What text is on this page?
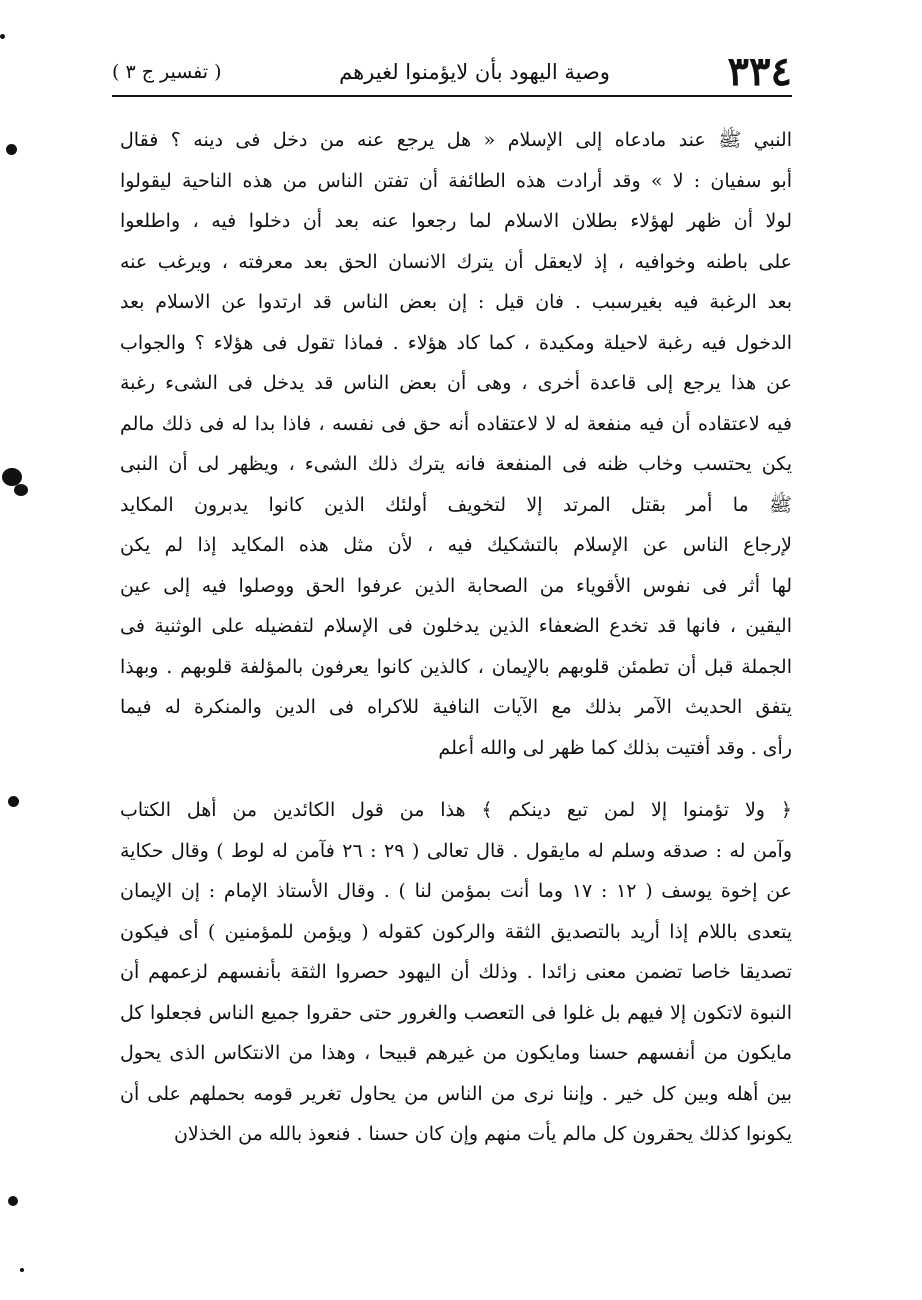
٣٣٤
وصية اليهود بأن لايؤمنوا لغيرهم
( تفسير ج ٣ )
النبي ﷺ عند مادعاه إلى الإسلام « هل يرجع عنه من دخل فى دينه ؟ فقال
أبو سفيان : لا » وقد أرادت هذه الطائفة أن تفتن الناس من هذه الناحية ليقولوا
لولا أن ظهر لهؤلاء بطلان الاسلام لما رجعوا عنه بعد أن دخلوا فيه ، واطلعوا
على باطنه وخوافيه ، إذ لايعقل أن يترك الانسان الحق بعد معرفته ، ويرغب عنه
بعد الرغبة فيه بغيرسبب . فان قيل : إن بعض الناس قد ارتدوا عن الاسلام بعد
الدخول فيه رغبة لاحيلة ومكيدة ، كما كاد هؤلاء . فماذا تقول فى هؤلاء ؟ والجواب
عن هذا يرجع إلى قاعدة أخرى ، وهى أن بعض الناس قد يدخل فى الشىء رغبة
فيه لاعتقاده أن فيه منفعة له لا لاعتقاده أنه حق فى نفسه ، فاذا بدا له فى ذلك مالم
يكن يحتسب وخاب ظنه فى المنفعة فانه يترك ذلك الشىء ، ويظهر لى أن النبى
ﷺ ما أمر بقتل المرتد إلا لتخويف أولئك الذين كانوا يدبرون المكايد
لإرجاع الناس عن الإسلام بالتشكيك فيه ، لأن مثل هذه المكايد إذا لم يكن
لها أثر فى نفوس الأقوياء من الصحابة الذين عرفوا الحق ووصلوا فيه إلى عين
اليقين ، فانها قد تخدع الضعفاء الذين يدخلون فى الإسلام لتفضيله على الوثنية فى
الجملة قبل أن تطمئن قلوبهم بالإيمان ، كالذين كانوا يعرفون بالمؤلفة قلوبهم . وبهذا
يتفق الحديث الآمر بذلك مع الآيات النافية للاكراه فى الدين والمنكرة له فيما
رأى . وقد أفتيت بذلك كما ظهر لى والله أعلم
﴿ ولا تؤمنوا إلا لمن تبع دينكم ﴾ هذا من قول الكائدين من أهل الكتاب
وآمن له : صدقه وسلم له مايقول . قال تعالى ( ٢٩ : ٢٦ فآمن له لوط ) وقال حكاية
عن إخوة يوسف ( ١٢ : ١٧ وما أنت بمؤمن لنا ) . وقال الأستاذ الإمام : إن الإيمان
يتعدى باللام إذا أريد بالتصديق الثقة والركون كقوله ( ويؤمن للمؤمنين ) أى فيكون
تصديقا خاصا تضمن معنى زائدا . وذلك أن اليهود حصروا الثقة بأنفسهم لزعمهم أن
النبوة لاتكون إلا فيهم بل غلوا فى التعصب والغرور حتى حقروا جميع الناس فجعلوا كل
مايكون من أنفسهم حسنا ومايكون من غيرهم قبيحا ، وهذا من الانتكاس الذى يحول
بين أهله وبين كل خير . وإننا نرى من الناس من يحاول تغرير قومه بحملهم على أن
يكونوا كذلك يحقرون كل مالم يأت منهم وإن كان حسنا . فنعوذ بالله من الخذلان
